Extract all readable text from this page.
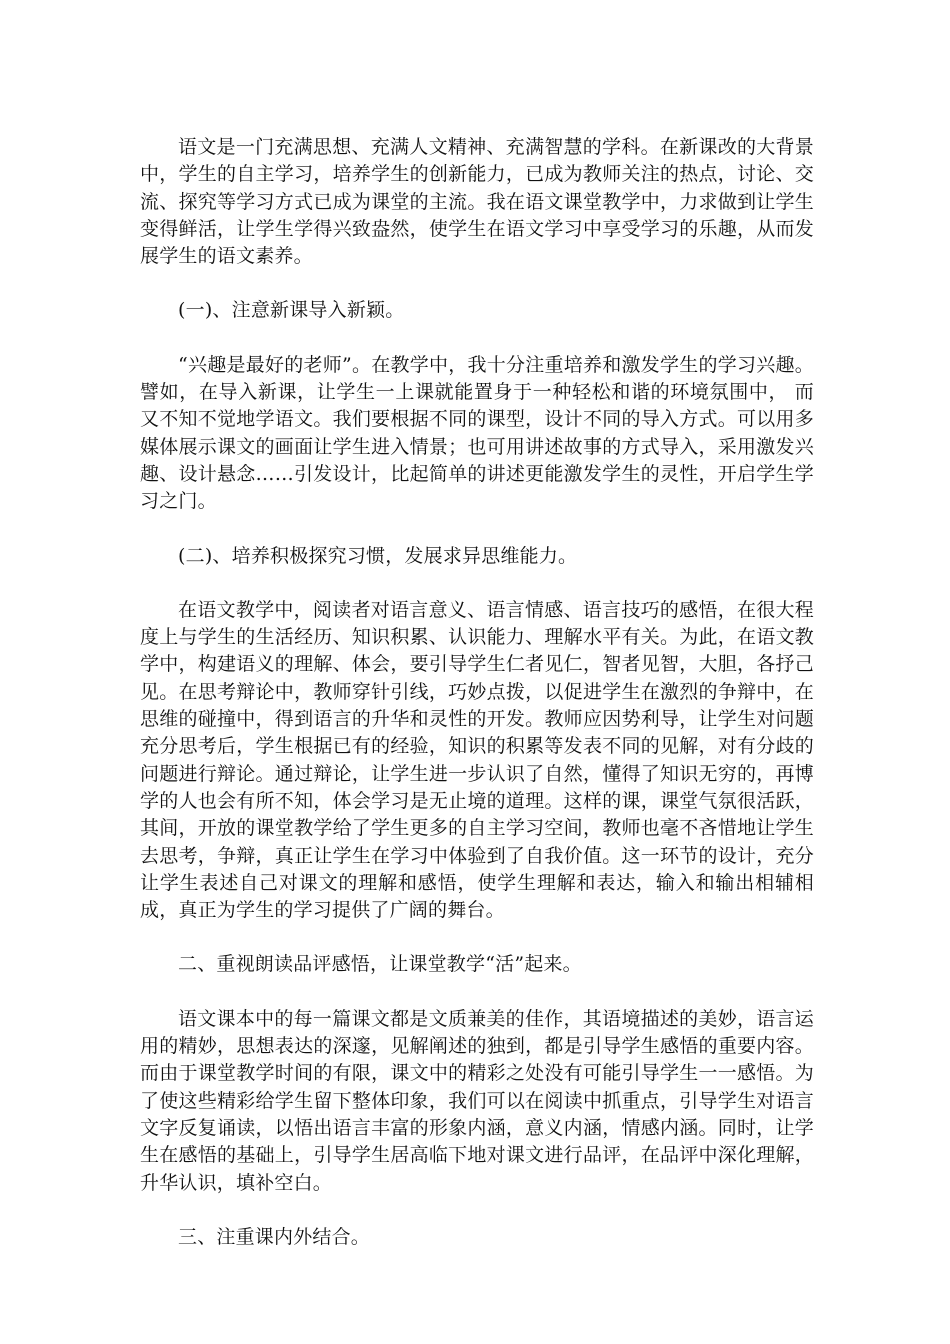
语文是一门充满思想、充满人文精神、充满智慧的学科。在新课改的大背景中，学生的自主学习，培养学生的创新能力，已成为教师关注的热点，讨论、交流、探究等学习方式已成为课堂的主流。我在语文课堂教学中，力求做到让学生变得鲜活，让学生学得兴致盎然，使学生在语文学习中享受学习的乐趣，从而发展学生的语文素养。

(一)、注意新课导入新颖。

“兴趣是最好的老师”。在教学中，我十分注重培养和激发学生的学习兴趣。譬如，在导入新课，让学生一上课就能置身于一种轻松和谐的环境氛围中， 而又不知不觉地学语文。我们要根据不同的课型，设计不同的导入方式。可以用多媒体展示课文的画面让学生进入情景；也可用讲述故事的方式导入，采用激发兴趣、设计悬念……引发设计，比起简单的讲述更能激发学生的灵性，开启学生学习之门。

(二)、培养积极探究习惯，发展求异思维能力。

在语文教学中，阅读者对语言意义、语言情感、语言技巧的感悟，在很大程度上与学生的生活经历、知识积累、认识能力、理解水平有关。为此，在语文教学中，构建语义的理解、体会，要引导学生仁者见仁，智者见智，大胆，各抒己见。在思考辩论中，教师穿针引线，巧妙点拨，以促进学生在激烈的争辩中，在思维的碰撞中，得到语言的升华和灵性的开发。教师应因势利导，让学生对问题充分思考后，学生根据已有的经验，知识的积累等发表不同的见解，对有分歧的问题进行辩论。通过辩论，让学生进一步认识了自然，懂得了知识无穷的，再博学的人也会有所不知，体会学习是无止境的道理。这样的课，课堂气氛很活跃，其间，开放的课堂教学给了学生更多的自主学习空间，教师也毫不吝惜地让学生去思考，争辩，真正让学生在学习中体验到了自我价值。这一环节的设计，充分让学生表述自己对课文的理解和感悟，使学生理解和表达，输入和输出相辅相成，真正为学生的学习提供了广阔的舞台。

二、重视朗读品评感悟，让课堂教学“活”起来。

语文课本中的每一篇课文都是文质兼美的佳作，其语境描述的美妙，语言运用的精妙，思想表达的深邃，见解阐述的独到，都是引导学生感悟的重要内容。而由于课堂教学时间的有限，课文中的精彩之处没有可能引导学生一一感悟。为了使这些精彩给学生留下整体印象，我们可以在阅读中抓重点，引导学生对语言文字反复诵读，以悟出语言丰富的形象内涵，意义内涵，情感内涵。同时，让学生在感悟的基础上，引导学生居高临下地对课文进行品评，在品评中深化理解，升华认识，填补空白。

三、注重课内外结合。
